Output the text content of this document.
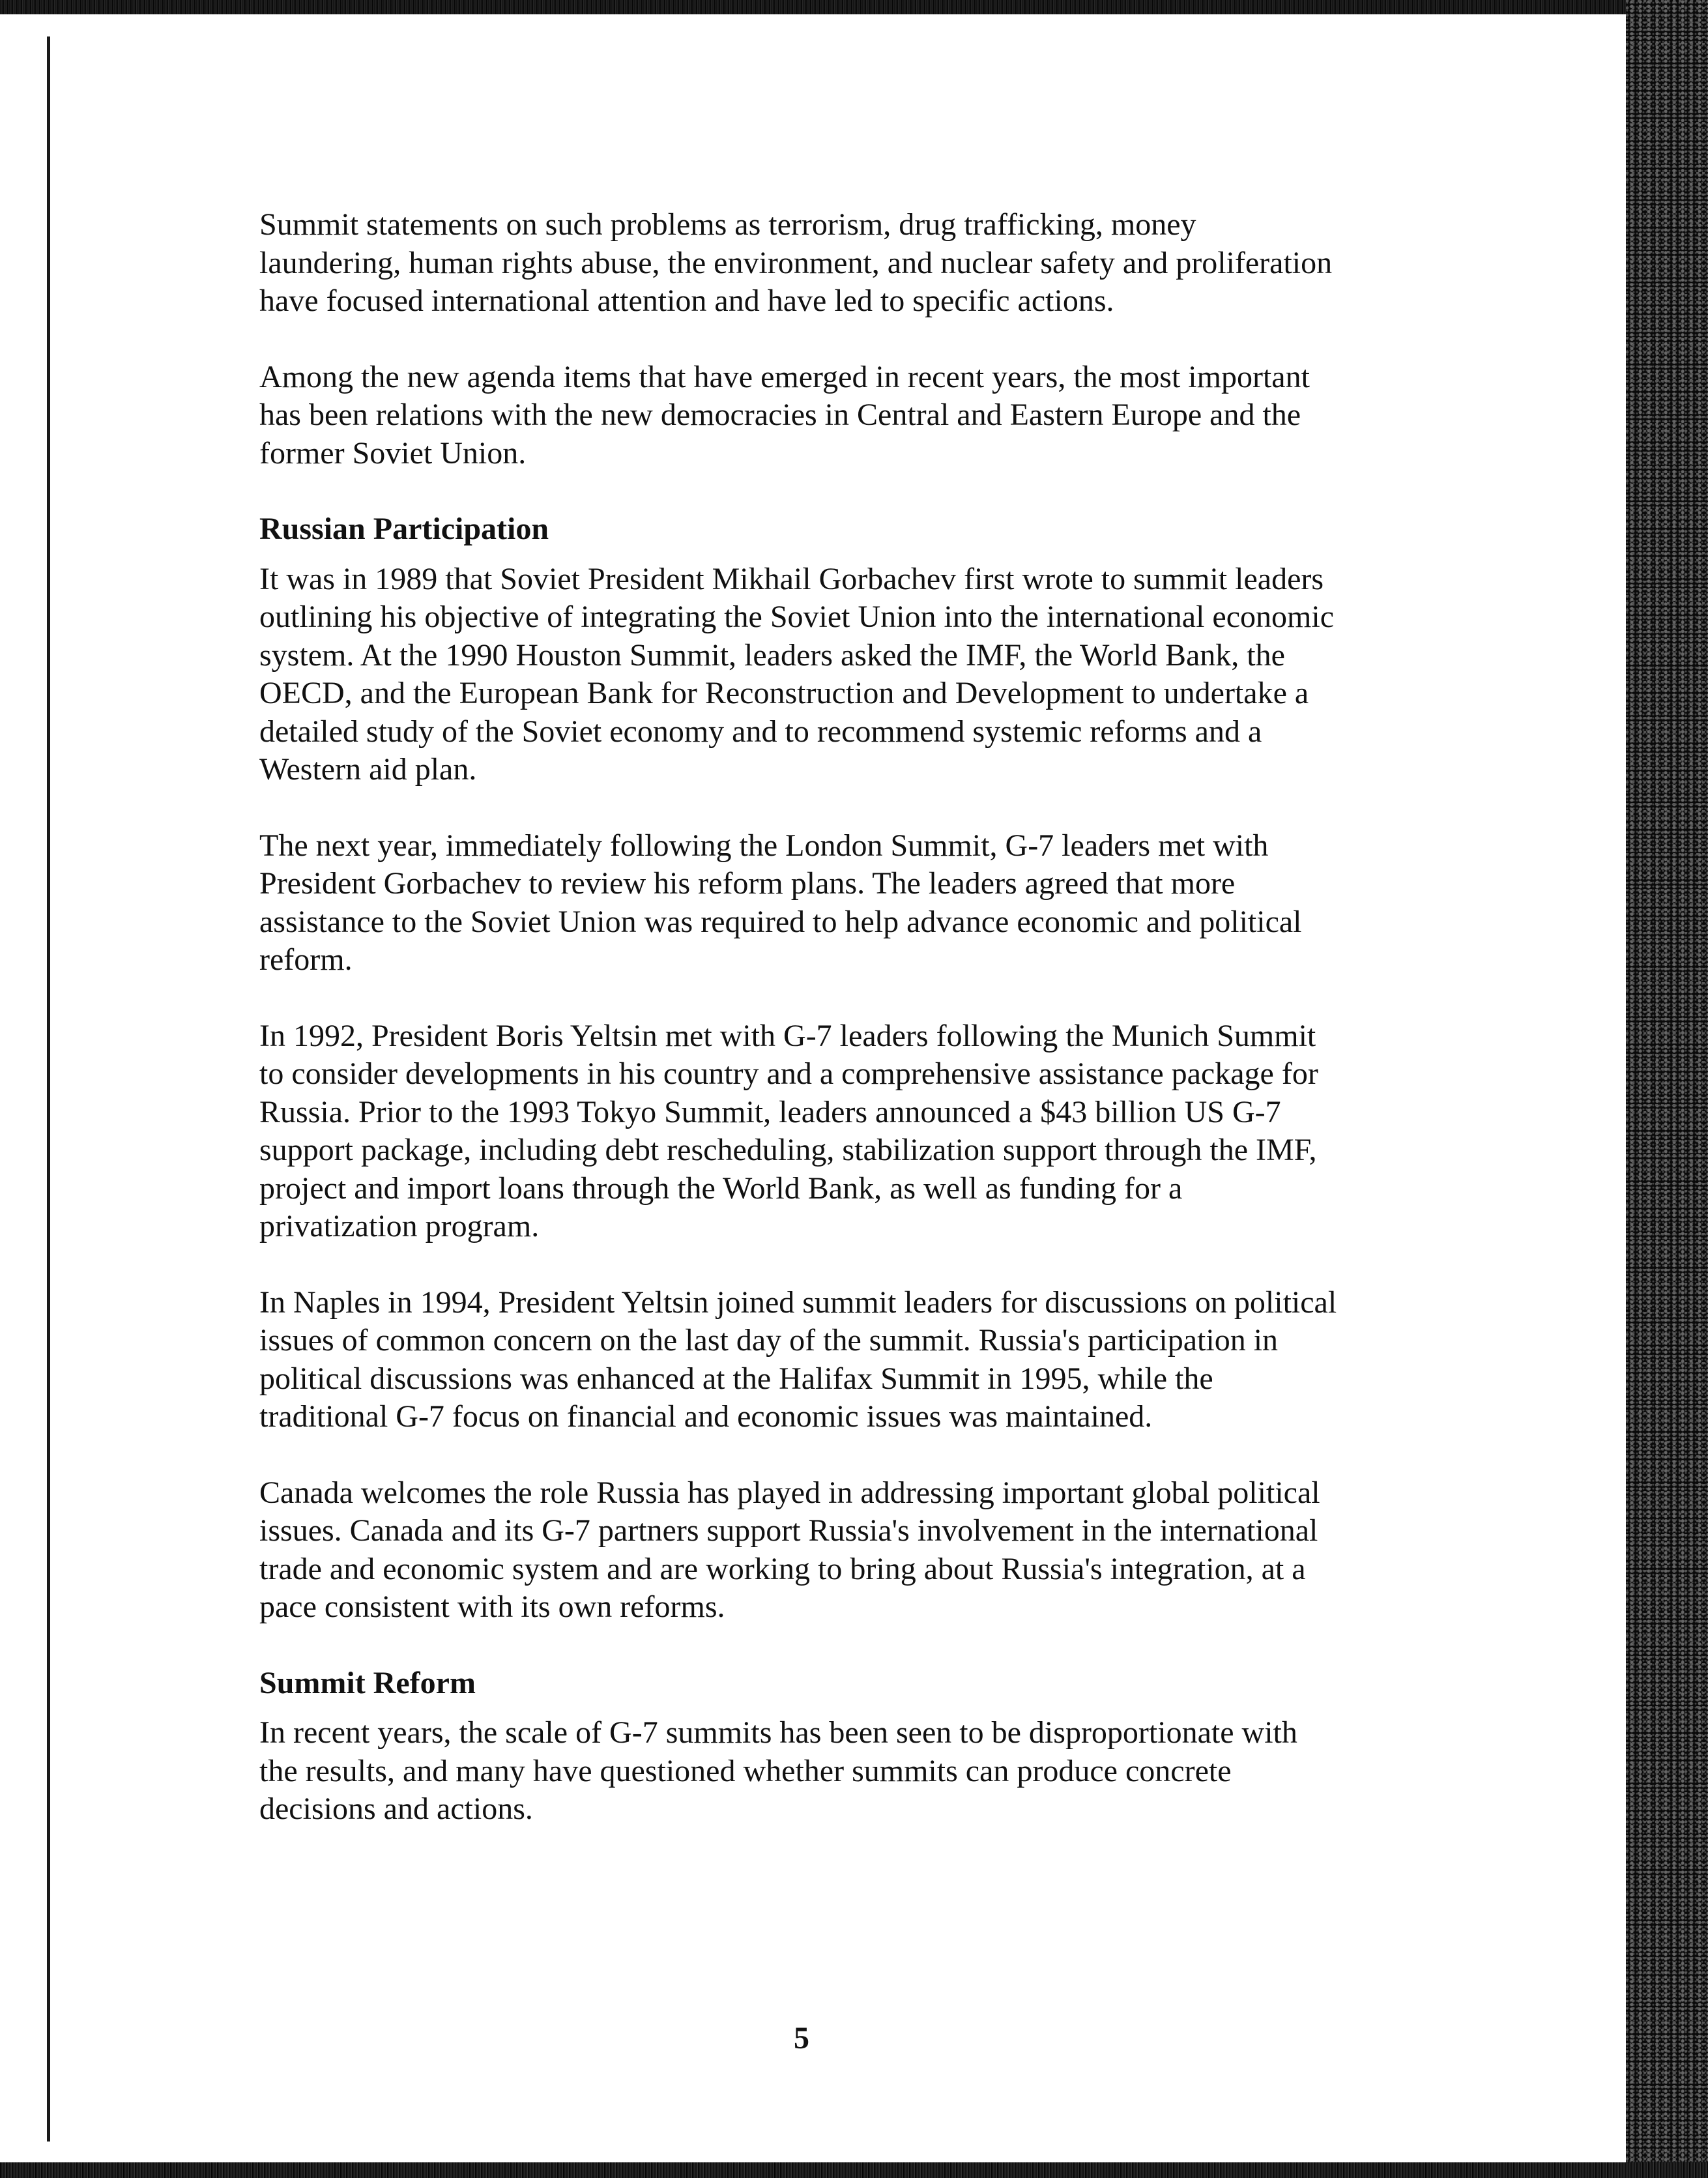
Summit statements on such problems as terrorism, drug trafficking, money laundering, human rights abuse, the environment, and nuclear safety and proliferation have focused international attention and have led to specific actions.

Among the new agenda items that have emerged in recent years, the most important has been relations with the new democracies in Central and Eastern Europe and the former Soviet Union.

Russian Participation

It was in 1989 that Soviet President Mikhail Gorbachev first wrote to summit leaders outlining his objective of integrating the Soviet Union into the international economic system. At the 1990 Houston Summit, leaders asked the IMF, the World Bank, the OECD, and the European Bank for Reconstruction and Development to undertake a detailed study of the Soviet economy and to recommend systemic reforms and a Western aid plan.

The next year, immediately following the London Summit, G-7 leaders met with President Gorbachev to review his reform plans. The leaders agreed that more assistance to the Soviet Union was required to help advance economic and political reform.

In 1992, President Boris Yeltsin met with G-7 leaders following the Munich Summit to consider developments in his country and a comprehensive assistance package for Russia. Prior to the 1993 Tokyo Summit, leaders announced a $43 billion US G-7 support package, including debt rescheduling, stabilization support through the IMF, project and import loans through the World Bank, as well as funding for a privatization program.

In Naples in 1994, President Yeltsin joined summit leaders for discussions on political issues of common concern on the last day of the summit. Russia's participation in political discussions was enhanced at the Halifax Summit in 1995, while the traditional G-7 focus on financial and economic issues was maintained.

Canada welcomes the role Russia has played in addressing important global political issues. Canada and its G-7 partners support Russia's involvement in the international trade and economic system and are working to bring about Russia's integration, at a pace consistent with its own reforms.

Summit Reform

In recent years, the scale of G-7 summits has been seen to be disproportionate with the results, and many have questioned whether summits can produce concrete decisions and actions.

5
